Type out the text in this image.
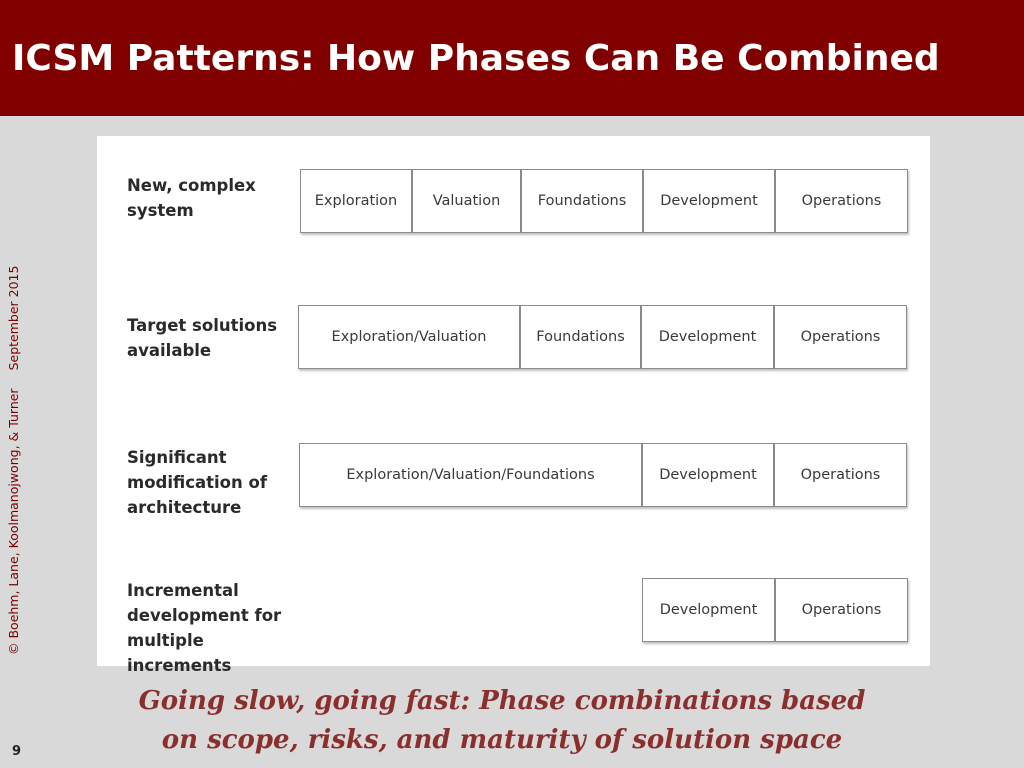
ICSM Patterns: How Phases Can Be Combined
© Boehm, Lane, Koolmanojwong, & TurnerSeptember 2015
New, complex
system	Exploration	Valuation	Foundations	Development	Operations
Target solutions
available
Exploration/Valuation	Foundations	Development	Operations
Significant
modification of
architecture
Exploration/Valuation/Foundations	Development	Operations
Incremental
development for
multiple increments
Development	Operations
Going slow, going fast: Phase combinations based
on scope, risks, and maturity of solution space
9
